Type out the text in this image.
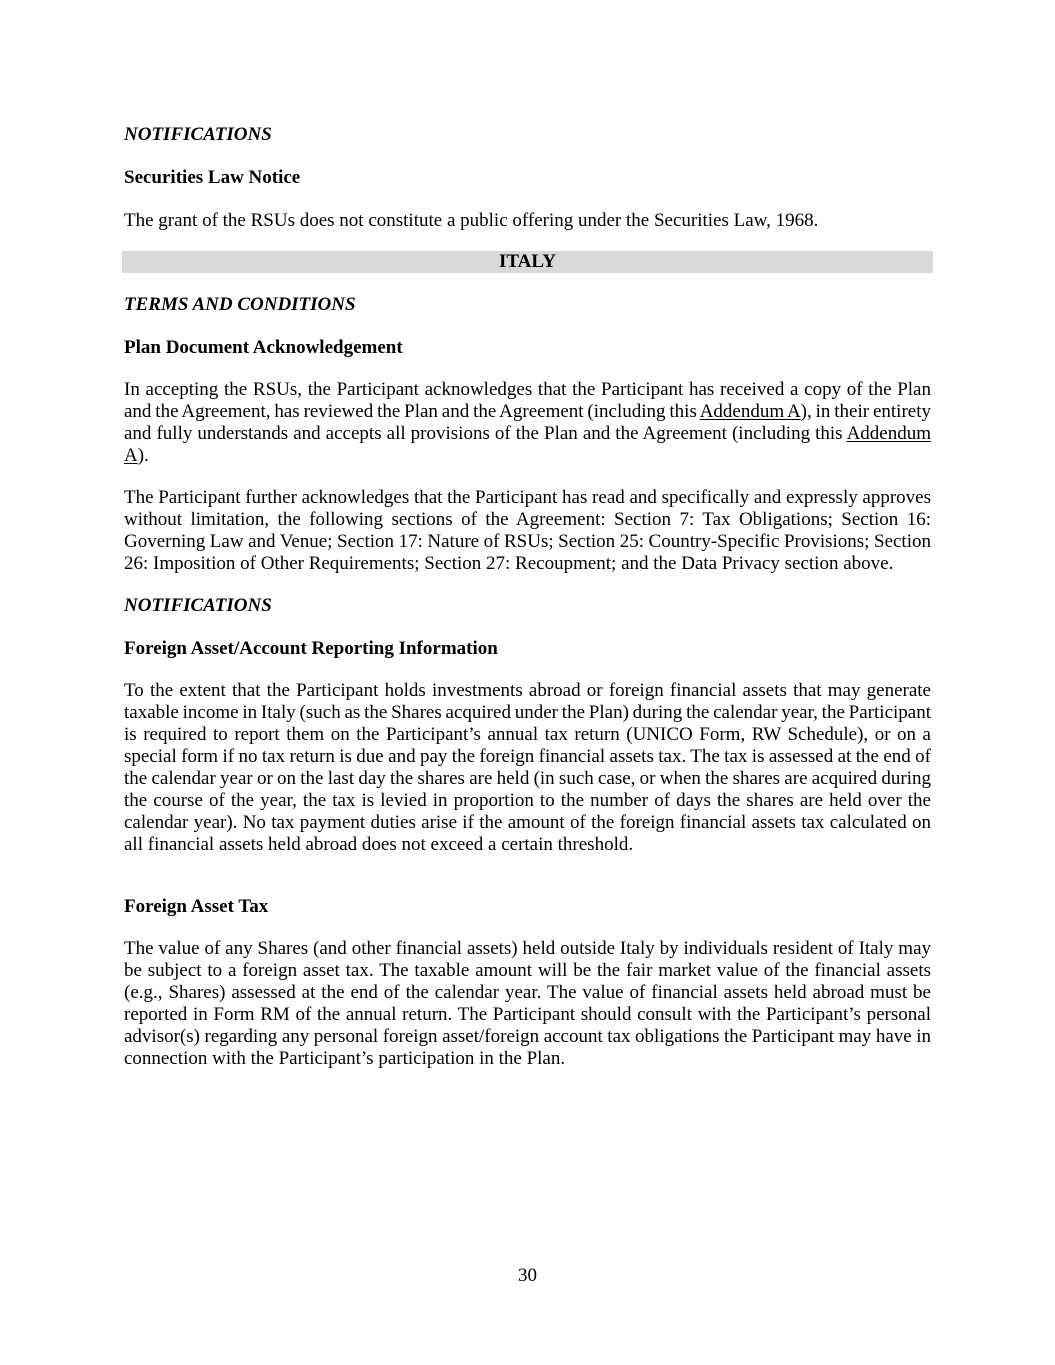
NOTIFICATIONS
Securities Law Notice
The grant of the RSUs does not constitute a public offering under the Securities Law, 1968.
ITALY
TERMS AND CONDITIONS
Plan Document Acknowledgement
In accepting the RSUs, the Participant acknowledges that the Participant has received a copy of the Plan
and the Agreement, has reviewed the Plan and the Agreement (including this Addendum A), in their entirety
and fully understands and accepts all provisions of the Plan and the Agreement (including this Addendum
A).
The Participant further acknowledges that the Participant has read and specifically and expressly approves
without limitation, the following sections of the Agreement: Section 7: Tax Obligations; Section 16:
Governing Law and Venue; Section 17: Nature of RSUs; Section 25: Country-Specific Provisions; Section
26: Imposition of Other Requirements; Section 27: Recoupment; and the Data Privacy section above.
NOTIFICATIONS
Foreign Asset/Account Reporting Information
To the extent that the Participant holds investments abroad or foreign financial assets that may generate
taxable income in Italy (such as the Shares acquired under the Plan) during the calendar year, the Participant
is required to report them on the Participant’s annual tax return (UNICO Form, RW Schedule), or on a
special form if no tax return is due and pay the foreign financial assets tax. The tax is assessed at the end of
the calendar year or on the last day the shares are held (in such case, or when the shares are acquired during
the course of the year, the tax is levied in proportion to the number of days the shares are held over the
calendar year). No tax payment duties arise if the amount of the foreign financial assets tax calculated on
all financial assets held abroad does not exceed a certain threshold.
Foreign Asset Tax
The value of any Shares (and other financial assets) held outside Italy by individuals resident of Italy may
be subject to a foreign asset tax. The taxable amount will be the fair market value of the financial assets
(e.g., Shares) assessed at the end of the calendar year. The value of financial assets held abroad must be
reported in Form RM of the annual return. The Participant should consult with the Participant’s personal
advisor(s) regarding any personal foreign asset/foreign account tax obligations the Participant may have in
connection with the Participant’s participation in the Plan.
30
